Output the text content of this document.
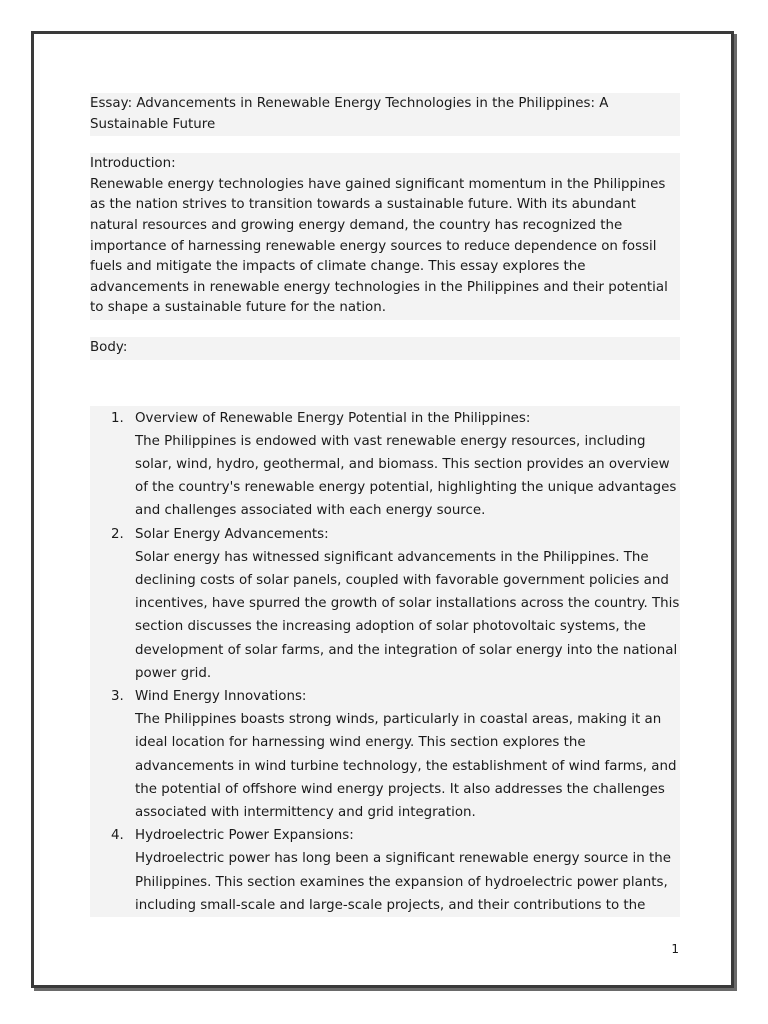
Essay: Advancements in Renewable Energy Technologies in the Philippines: A Sustainable Future
Introduction:
Renewable energy technologies have gained significant momentum in the Philippines as the nation strives to transition towards a sustainable future. With its abundant natural resources and growing energy demand, the country has recognized the importance of harnessing renewable energy sources to reduce dependence on fossil fuels and mitigate the impacts of climate change. This essay explores the advancements in renewable energy technologies in the Philippines and their potential to shape a sustainable future for the nation.
Body:
1. Overview of Renewable Energy Potential in the Philippines:
The Philippines is endowed with vast renewable energy resources, including solar, wind, hydro, geothermal, and biomass. This section provides an overview of the country's renewable energy potential, highlighting the unique advantages and challenges associated with each energy source.
2. Solar Energy Advancements:
Solar energy has witnessed significant advancements in the Philippines. The declining costs of solar panels, coupled with favorable government policies and incentives, have spurred the growth of solar installations across the country. This section discusses the increasing adoption of solar photovoltaic systems, the development of solar farms, and the integration of solar energy into the national power grid.
3. Wind Energy Innovations:
The Philippines boasts strong winds, particularly in coastal areas, making it an ideal location for harnessing wind energy. This section explores the advancements in wind turbine technology, the establishment of wind farms, and the potential of offshore wind energy projects. It also addresses the challenges associated with intermittency and grid integration.
4. Hydroelectric Power Expansions:
Hydroelectric power has long been a significant renewable energy source in the Philippines. This section examines the expansion of hydroelectric power plants, including small-scale and large-scale projects, and their contributions to the
1
